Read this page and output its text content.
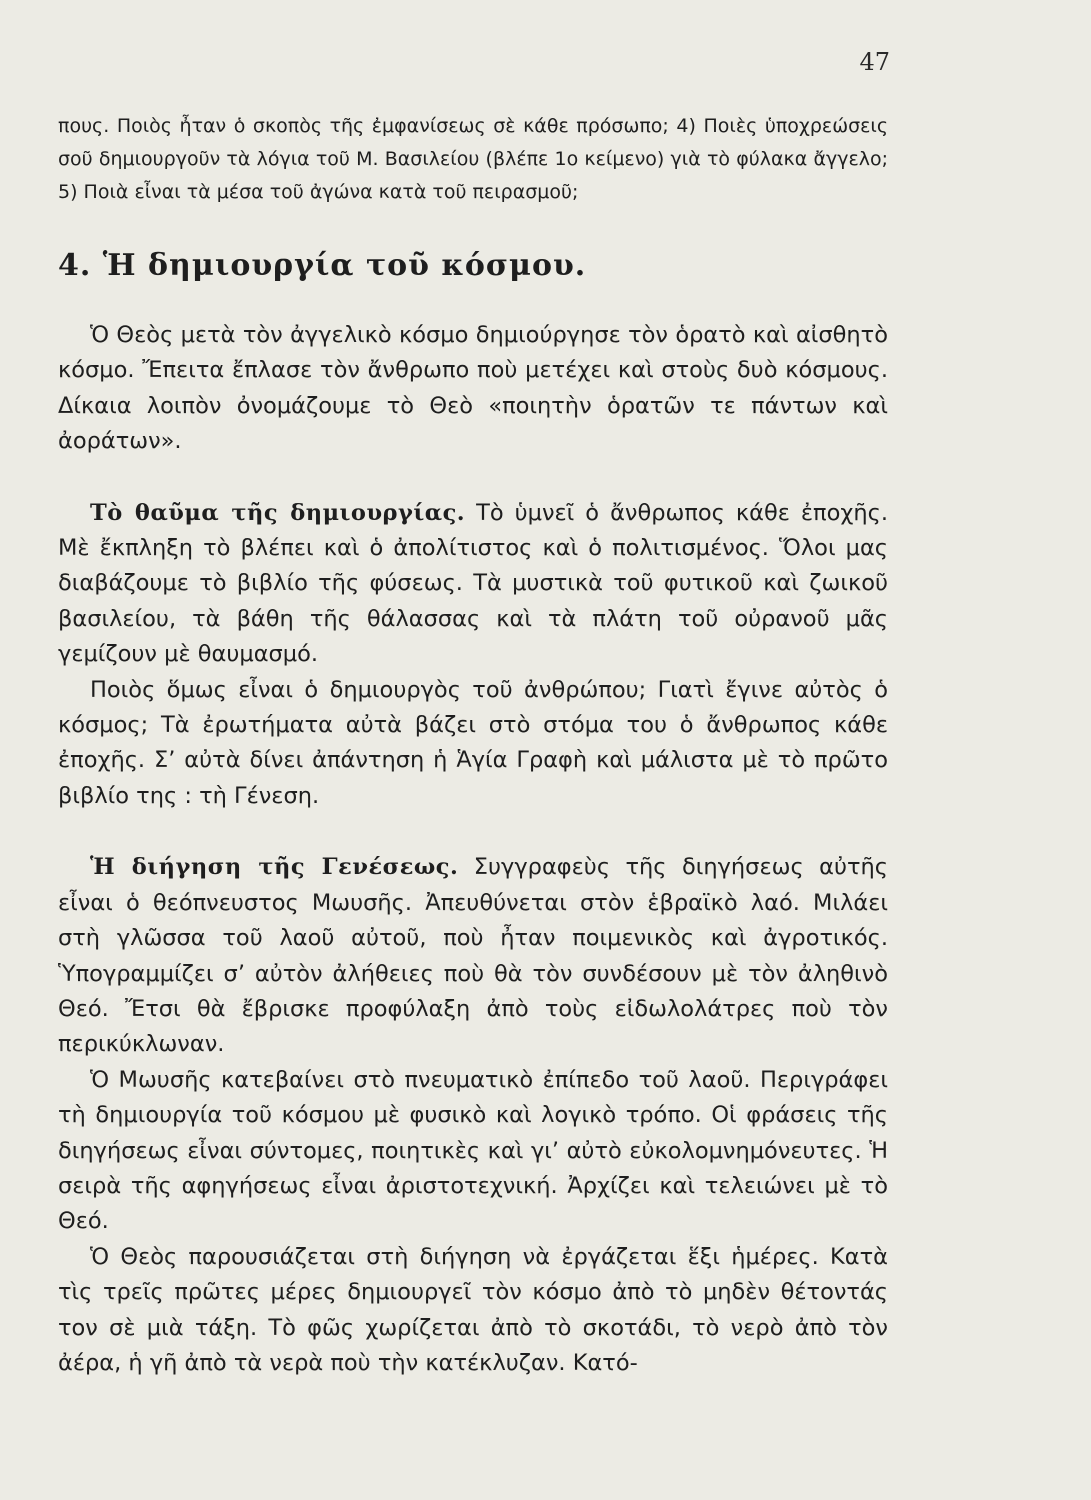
47
πους. Ποιὸς ἦταν ὁ σκοπὸς τῆς ἐμφανίσεως σὲ κάθε πρόσωπο; 4) Ποιὲς ὑποχρεώσεις σοῦ δημιουργοῦν τὰ λόγια τοῦ Μ. Βασιλείου (βλέπε 1ο κείμενο) γιὰ τὸ φύλακα ἄγγελο; 5) Ποιὰ εἶναι τὰ μέσα τοῦ ἀγώνα κατὰ τοῦ πειρασμοῦ;
4. Ἡ δημιουργία τοῦ κόσμου.

Ὁ Θεὸς μετὰ τὸν ἀγγελικὸ κόσμο δημιούργησε τὸν ὁρατὸ καὶ αἰσθητὸ κόσμο. Ἔπειτα ἔπλασε τὸν ἄνθρωπο ποὺ μετέχει καὶ στοὺς δυὸ κόσμους. Δίκαια λοιπὸν ὀνομάζουμε τὸ Θεὸ «ποιητὴν ὁρατῶν τε πάντων καὶ ἀοράτων».

Τὸ θαῦμα τῆς δημιουργίας. Τὸ ὑμνεῖ ὁ ἄνθρωπος κάθε ἐποχῆς. Μὲ ἔκπληξη τὸ βλέπει καὶ ὁ ἀπολίτιστος καὶ ὁ πολιτισμένος. Ὅλοι μας διαβάζουμε τὸ βιβλίο τῆς φύσεως. Τὰ μυστικὰ τοῦ φυτικοῦ καὶ ζωικοῦ βασιλείου, τὰ βάθη τῆς θάλασσας καὶ τὰ πλάτη τοῦ οὐρανοῦ μᾶς γεμίζουν μὲ θαυμασμό.

Ποιὸς ὅμως εἶναι ὁ δημιουργὸς τοῦ ἀνθρώπου; Γιατὶ ἔγινε αὐτὸς ὁ κόσμος; Τὰ ἐρωτήματα αὐτὰ βάζει στὸ στόμα του ὁ ἄνθρωπος κάθε ἐποχῆς. Σ’ αὐτὰ δίνει ἀπάντηση ἡ Ἁγία Γραφὴ καὶ μάλιστα μὲ τὸ πρῶτο βιβλίο της : τὴ Γένεση.

Ἡ διήγηση τῆς Γενέσεως. Συγγραφεὺς τῆς διηγήσεως αὐτῆς εἶναι ὁ θεόπνευστος Μωυσῆς. Ἀπευθύνεται στὸν ἑβραϊκὸ λαό. Μιλάει στὴ γλῶσσα τοῦ λαοῦ αὐτοῦ, ποὺ ἦταν ποιμενικὸς καὶ ἀγροτικός. Ὑπογραμμίζει σ’ αὐτὸν ἀλήθειες ποὺ θὰ τὸν συνδέσουν μὲ τὸν ἀληθινὸ Θεό. Ἔτσι θὰ ἔβρισκε προφύλαξη ἀπὸ τοὺς εἰδωλολάτρες ποὺ τὸν περικύκλωναν.

Ὁ Μωυσῆς κατεβαίνει στὸ πνευματικὸ ἐπίπεδο τοῦ λαοῦ. Περιγράφει τὴ δημιουργία τοῦ κόσμου μὲ φυσικὸ καὶ λογικὸ τρόπο. Οἱ φράσεις τῆς διηγήσεως εἶναι σύντομες, ποιητικὲς καὶ γι’ αὐτὸ εὐκολομνημόνευτες. Ἡ σειρὰ τῆς αφηγήσεως εἶναι ἀριστοτεχνική. Ἀρχίζει καὶ τελειώνει μὲ τὸ Θεό.

Ὁ Θεὸς παρουσιάζεται στὴ διήγηση νὰ ἐργάζεται ἕξι ἡμέρες. Κατὰ τὶς τρεῖς πρῶτες μέρες δημιουργεῖ τὸν κόσμο ἀπὸ τὸ μηδὲν θέτοντάς τον σὲ μιὰ τάξη. Τὸ φῶς χωρίζεται ἀπὸ τὸ σκοτάδι, τὸ νερὸ ἀπὸ τὸν ἀέρα, ἡ γῆ ἀπὸ τὰ νερὰ ποὺ τὴν κατέκλυζαν. Κατό-
